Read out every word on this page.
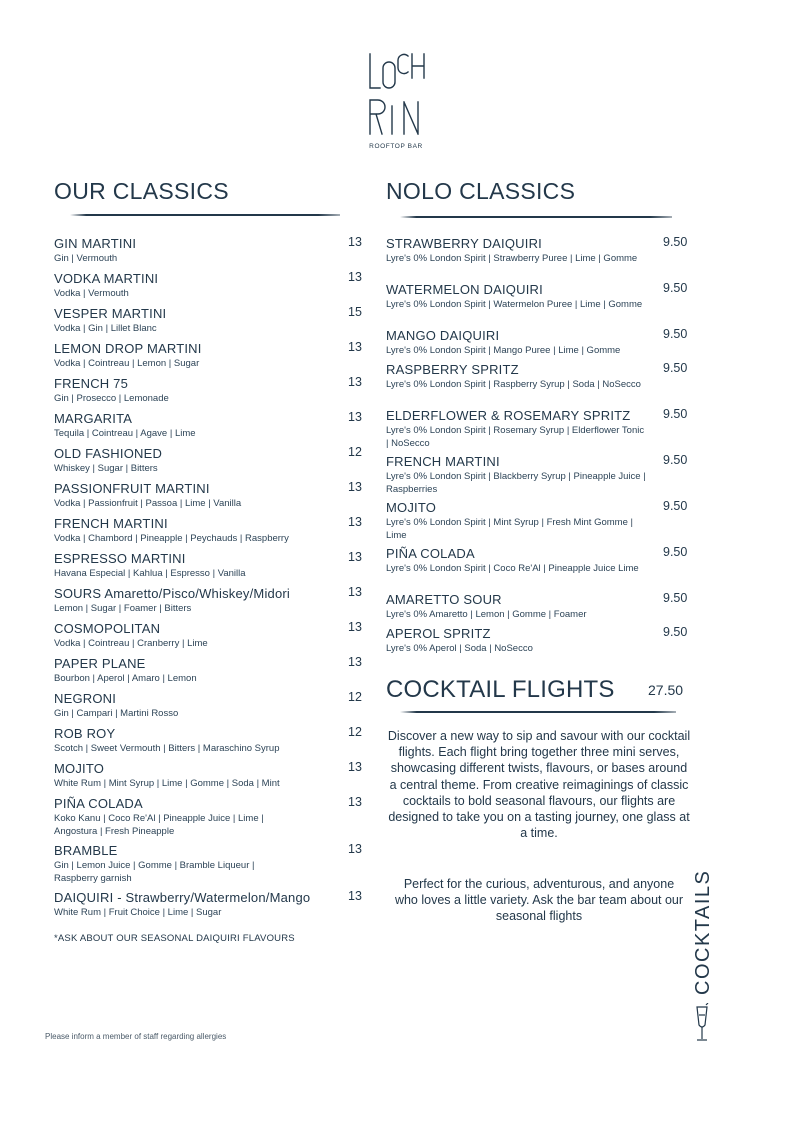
ROOFTOP BAR
OUR CLASSICS
GIN MARTINI
Gin | Vermouth
13
VODKA MARTINI
Vodka | Vermouth
13
VESPER MARTINI
Vodka | Gin | Lillet Blanc
15
LEMON DROP MARTINI
Vodka | Cointreau | Lemon | Sugar
13
FRENCH 75
Gin | Prosecco | Lemonade
13
MARGARITA
Tequila | Cointreau | Agave | Lime
13
OLD FASHIONED
Whiskey | Sugar | Bitters
12
PASSIONFRUIT MARTINI
Vodka | Passionfruit | Passoa | Lime | Vanilla
13
FRENCH MARTINI
Vodka | Chambord | Pineapple | Peychauds | Raspberry
13
ESPRESSO MARTINI
Havana Especial | Kahlua | Espresso | Vanilla
13
SOURS Amaretto/Pisco/Whiskey/Midori
Lemon | Sugar | Foamer | Bitters
13
COSMOPOLITAN
Vodka | Cointreau | Cranberry | Lime
13
PAPER PLANE
Bourbon | Aperol | Amaro | Lemon
13
NEGRONI
Gin | Campari | Martini Rosso
12
ROB ROY
Scotch | Sweet Vermouth | Bitters | Maraschino Syrup
12
MOJITO
White Rum | Mint Syrup | Lime | Gomme | Soda | Mint
13
PIÑA COLADA
Koko Kanu | Coco Re'Al | Pineapple Juice | Lime | Angostura | Fresh Pineapple
13
BRAMBLE
Gin | Lemon Juice | Gomme | Bramble Liqueur | Raspberry garnish
13
DAIQUIRI - Strawberry/Watermelon/Mango
White Rum | Fruit Choice | Lime | Sugar
13
*ASK ABOUT OUR SEASONAL DAIQUIRI FLAVOURS
NOLO CLASSICS
STRAWBERRY DAIQUIRI
Lyre's 0% London Spirit | Strawberry Puree | Lime | Gomme
9.50
WATERMELON DAIQUIRI
Lyre's 0% London Spirit | Watermelon Puree | Lime | Gomme
9.50
MANGO DAIQUIRI
Lyre's 0% London Spirit | Mango Puree | Lime | Gomme
9.50
RASPBERRY SPRITZ
Lyre's 0% London Spirit | Raspberry Syrup | Soda | NoSecco
9.50
ELDERFLOWER & ROSEMARY SPRITZ
Lyre's 0% London Spirit | Rosemary Syrup | Elderflower Tonic | NoSecco
9.50
FRENCH MARTINI
Lyre's 0% London Spirit | Blackberry Syrup | Pineapple Juice | Raspberries
9.50
MOJITO
Lyre's 0% London Spirit | Mint Syrup | Fresh Mint Gomme | Lime
9.50
PIÑA COLADA
Lyre's 0% London Spirit | Coco Re'Al | Pineapple Juice Lime
9.50
AMARETTO SOUR
Lyre's 0% Amaretto | Lemon | Gomme | Foamer
9.50
APEROL SPRITZ
Lyre's 0% Aperol | Soda | NoSecco
9.50
COCKTAIL FLIGHTS 27.50
Discover a new way to sip and savour with our cocktail flights. Each flight bring together three mini serves, showcasing different twists, flavours, or bases around a central theme. From creative reimaginings of classic cocktails to bold seasonal flavours, our flights are designed to take you on a tasting journey, one glass at a time.
Perfect for the curious, adventurous, and anyone who loves a little variety. Ask the bar team about our seasonal flights	COCKTAILS
Please inform a member of staff regarding allergies
